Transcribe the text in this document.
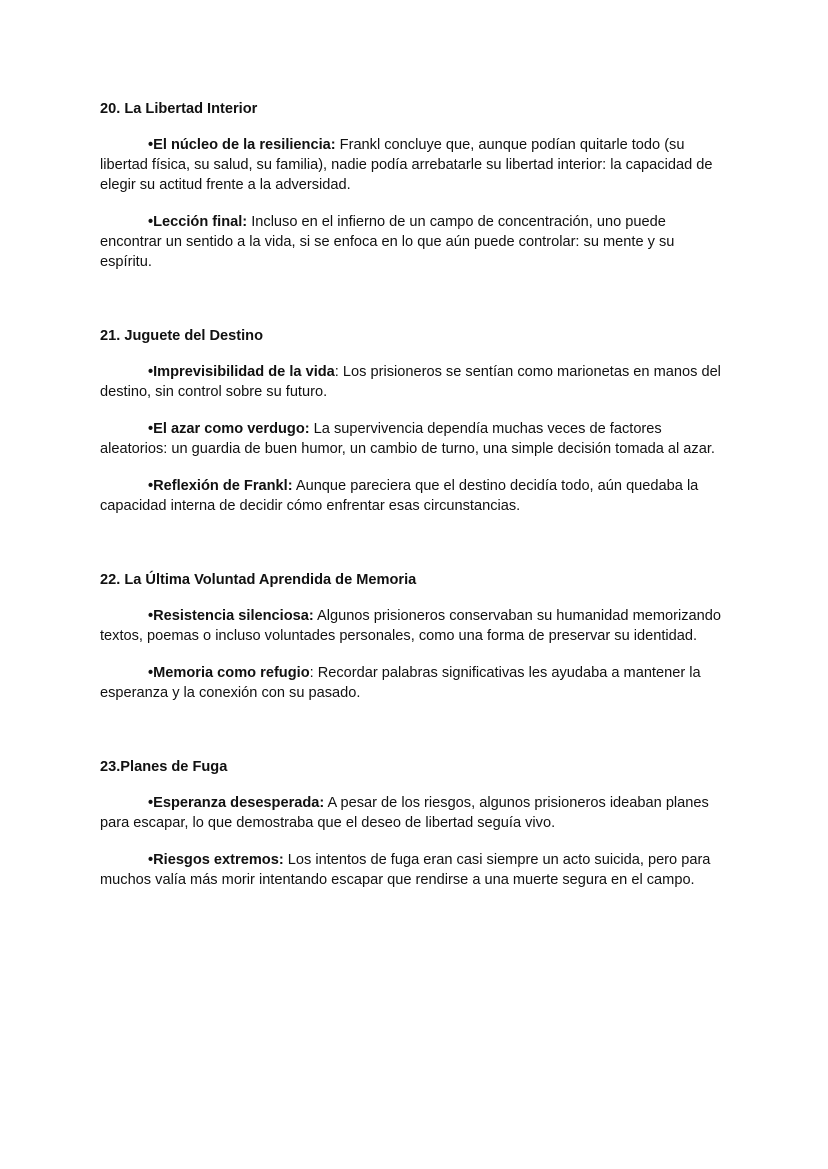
20. La Libertad Interior

•El núcleo de la resiliencia: Frankl concluye que, aunque podían quitarle todo (su libertad física, su salud, su familia), nadie podía arrebatarle su libertad interior: la capacidad de elegir su actitud frente a la adversidad.

•Lección final: Incluso en el infierno de un campo de concentración, uno puede encontrar un sentido a la vida, si se enfoca en lo que aún puede controlar: su mente y su espíritu.

21. Juguete del Destino

•Imprevisibilidad de la vida: Los prisioneros se sentían como marionetas en manos del destino, sin control sobre su futuro.

•El azar como verdugo: La supervivencia dependía muchas veces de factores aleatorios: un guardia de buen humor, un cambio de turno, una simple decisión tomada al azar.

•Reflexión de Frankl: Aunque pareciera que el destino decidía todo, aún quedaba la capacidad interna de decidir cómo enfrentar esas circunstancias.

22. La Última Voluntad Aprendida de Memoria

•Resistencia silenciosa: Algunos prisioneros conservaban su humanidad memorizando textos, poemas o incluso voluntades personales, como una forma de preservar su identidad.

•Memoria como refugio: Recordar palabras significativas les ayudaba a mantener la esperanza y la conexión con su pasado.

23.Planes de Fuga

•Esperanza desesperada: A pesar de los riesgos, algunos prisioneros ideaban planes para escapar, lo que demostraba que el deseo de libertad seguía vivo.

•Riesgos extremos: Los intentos de fuga eran casi siempre un acto suicida, pero para muchos valía más morir intentando escapar que rendirse a una muerte segura en el campo.
